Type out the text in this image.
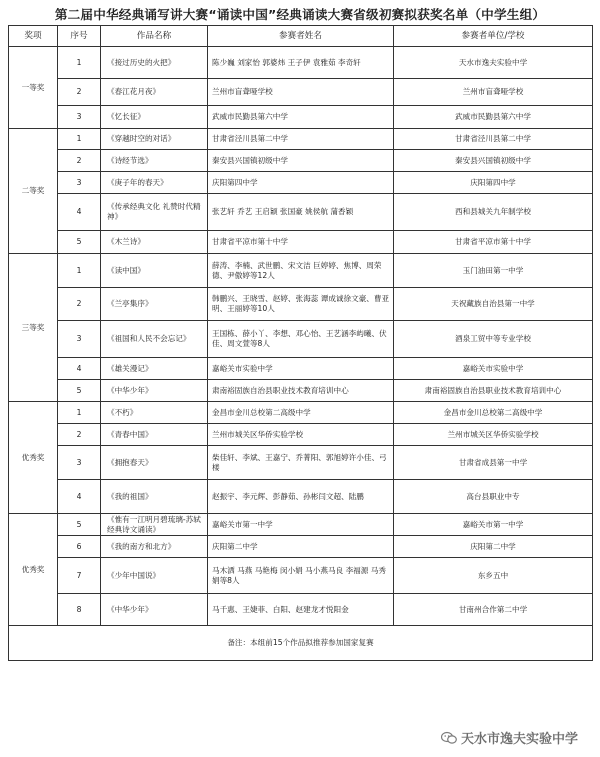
第二届中华经典诵写讲大赛“诵读中国”经典诵读大赛省级初赛拟获奖名单（中学生组）
奖项	序号	作品名称	参赛者姓名	参赛者单位/学校
一等奖	1	《接过历史的火把》	陈少巍 刘家怡 郭婆炜 王子伊 袁雅茹 李奇轩	天水市逸夫实验中学
	2	《春江花月夜》	兰州市盲聋哑学校	兰州市盲聋哑学校
	3	《忆长征》	武威市民勤县第六中学	武威市民勤县第六中学
二等奖	1	《穿越时空的对话》	甘肃省泾川县第二中学	甘肃省泾川县第二中学
	2	《诗经节选》	秦安县兴国镇初级中学	秦安县兴国镇初级中学
	3	《庚子年的春天》	庆阳第四中学	庆阳第四中学
	4	《传承经典文化 礼赞时代精神》	张艺轩 乔艺 王启颖 张国豪 姚侯航 蒲香颖	西和县城关九年制学校
	5	《木兰诗》	甘肃省平凉市第十中学	甘肃省平凉市第十中学
三等奖	1	《读中国》	薛涛、李楠、武世鹏、宋文洁 巨婷婷、焦博、周荣德、尹傲婷等12人	玉门油田第一中学
	2	《兰亭集序》	韩鹏兴、王晓雪、赵婷、张海蕊 谭成诚徐文豪、曹亚明、王丽婷等10人	天祝藏族自治县第一中学
	3	《祖国和人民不会忘记》	王国栋、薛小丫、李想、邓心怡、王艺涵李屿曦、伏佳、周文萱等8人	酒泉工贸中等专业学校
	4	《雄关漫记》	嘉峪关市实验中学	嘉峪关市实验中学
	5	《中华少年》	肃南裕固族自治县职业技术教育培训中心	肃南裕固族自治县职业技术教育培训中心
优秀奖	1	《不朽》	金昌市金川总校第二高级中学	金昌市金川总校第二高级中学
	2	《青春中国》	兰州市城关区华侨实验学校	兰州市城关区华侨实验学校
	3	《拥抱春天》	柴佳轩、李斌、王嘉宁、乔菁阳、郭旭婷许小佳、弓楼	甘肃省成县第一中学
	4	《我的祖国》	赵振宇、李元辉、彭静茹、孙彬闫文超、陆鹏	高台县职业中专
优秀奖	5	《惟有一江明月碧琉璃-苏轼经典诗文诵读》	嘉峪关市第一中学	嘉峪关市第一中学
	6	《我的南方和北方》	庆阳第二中学	庆阳第二中学
	7	《少年中国说》	马木洒 马燕 马艳梅 闵小娟 马小燕马良 李福源 马秀娟等8人	东乡五中
	8	《中华少年》	马千惠、王婕菲、白阳、赵建龙才悦阳金	甘南州合作第二中学
备注：本组前15个作品拟推荐参加国家复赛				
天水市逸夫实验中学
